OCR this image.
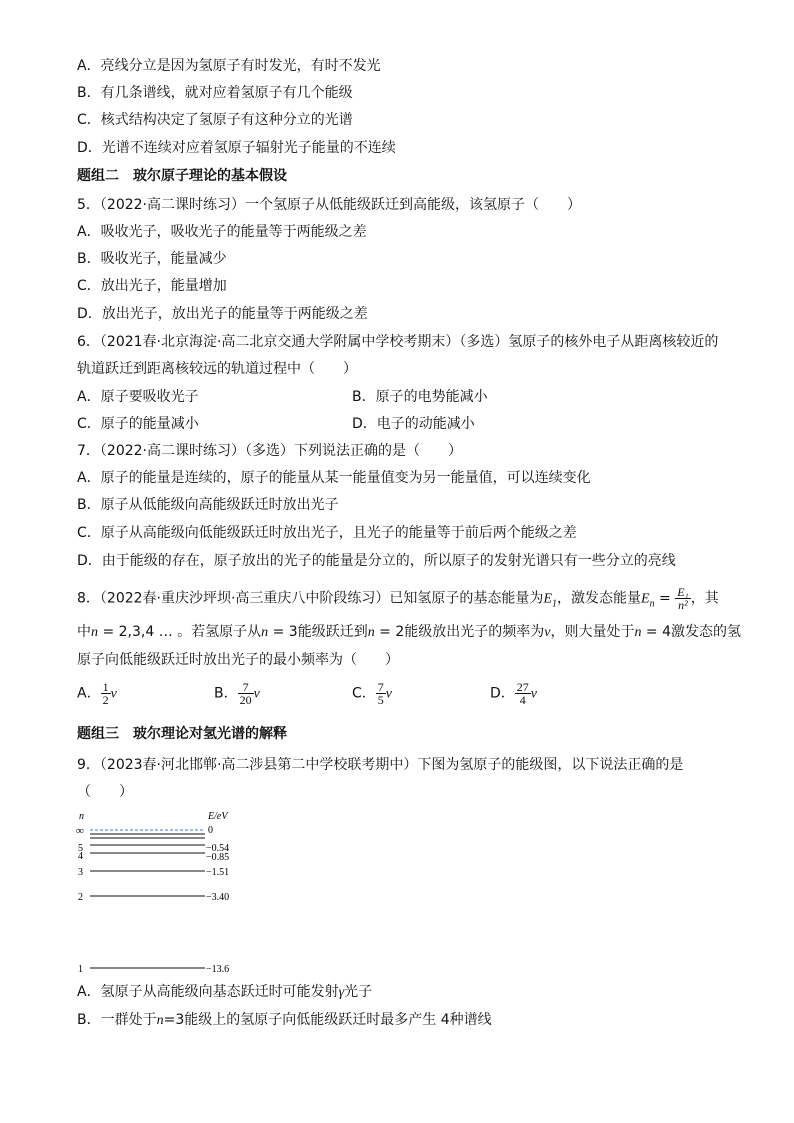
A．亮线分立是因为氢原子有时发光，有时不发光
B．有几条谱线，就对应着氢原子有几个能级
C．核式结构决定了氢原子有这种分立的光谱
D．光谱不连续对应着氢原子辐射光子能量的不连续
题组二　玻尔原子理论的基本假设
5．（2022·高二课时练习）一个氢原子从低能级跃迁到高能级，该氢原子（　　）
A．吸收光子，吸收光子的能量等于两能级之差
B．吸收光子，能量减少
C．放出光子，能量增加
D．放出光子，放出光子的能量等于两能级之差
6．（2021春·北京海淀·高二北京交通大学附属中学校考期末）（多选）氢原子的核外电子从距离核较近的
轨道跃迁到距离核较远的轨道过程中（　　）
A．原子要吸收光子	B．原子的电势能减小
C．原子的能量减小	D．电子的动能减小
7．（2022·高二课时练习）（多选）下列说法正确的是（　　）
A．原子的能量是连续的，原子的能量从某一能量值变为另一能量值，可以连续变化
B．原子从低能级向高能级跃迁时放出光子
C．原子从高能级向低能级跃迁时放出光子，且光子的能量等于前后两个能级之差
D．由于能级的存在，原子放出的光子的能量是分立的，所以原子的发射光谱只有一些分立的亮线
8．（2022春·重庆沙坪坝·高三重庆八中阶段练习）已知氢原子的基态能量为$E_1$，激发态能量$E_n = \frac{\text{E₁}}{\text{n²}}$ ，其
中n = 2,3,4 … 。若氢原子从n = 3能级跃迁到n = 2能级放出光子的频率为ν，则大量处于n = 4激发态的氢
原子向低能级跃迁时放出光子的最小频率为（　　）
A． $\frac{1}{2}$ ν	B． $\frac{7}{20}$ ν	C． $\frac{7}{5}$ ν	D． $\frac{27}{4}$ ν
题组三　玻尔理论对氢光谱的解释
9．（2023春·河北邯郸·高二涉县第二中学校联考期中）下图为氢原子的能级图，以下说法正确的是
（　　）
n	E/eV
∞	0
5	−0.54
4	−0.85
3	−1.51
2	−3.40
1	−13.6
A．氢原子从高能级向基态跃迁时可能发射γ光子
B．一群处于n=3能级上的氢原子向低能级跃迁时最多产生 4种谱线
